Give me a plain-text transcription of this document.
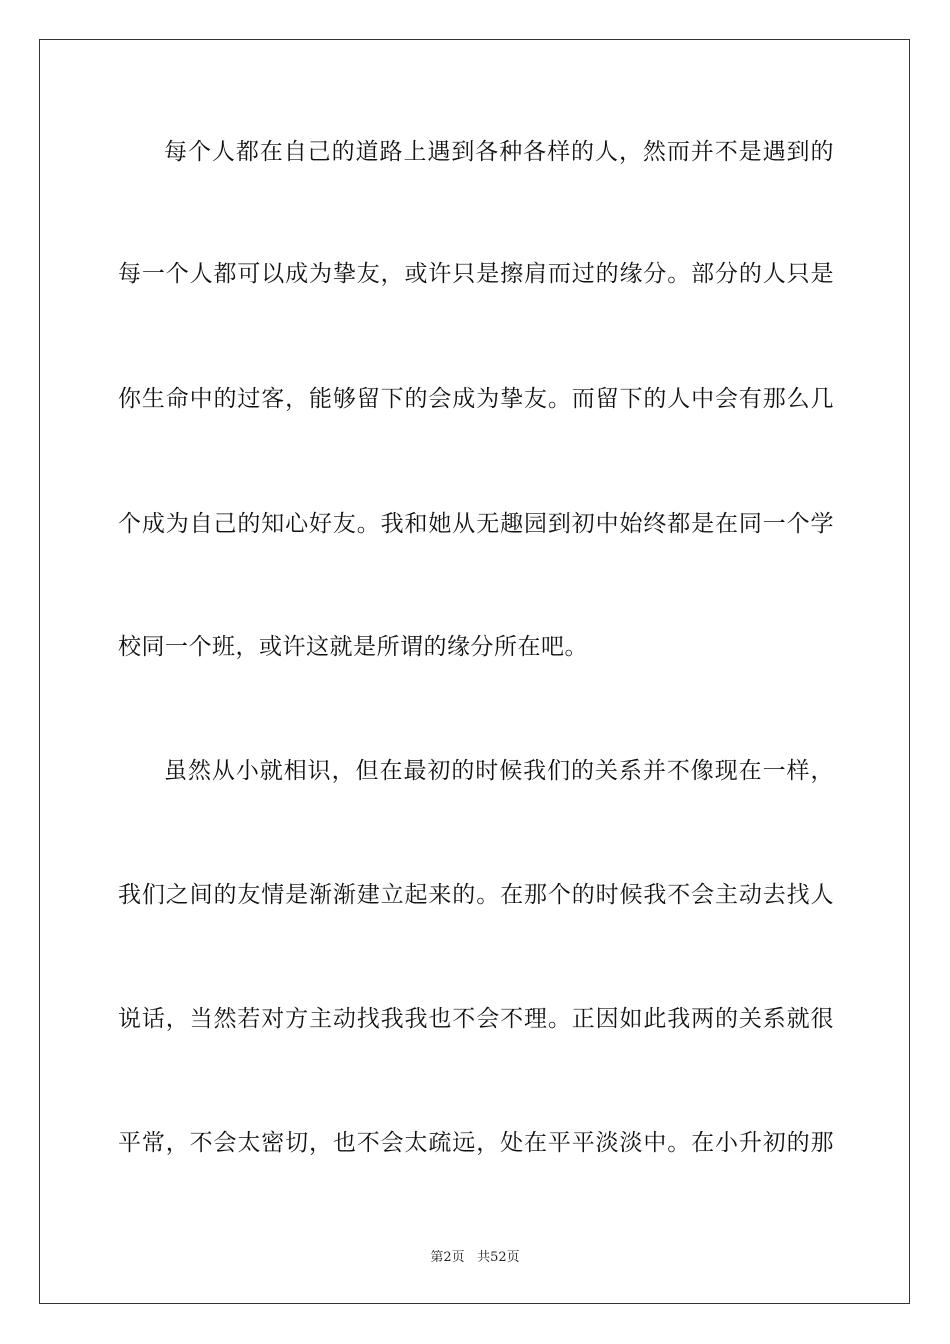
每个人都在自己的道路上遇到各种各样的人，然而并不是遇到的
每一个人都可以成为挚友，或许只是擦肩而过的缘分。部分的人只是
你生命中的过客，能够留下的会成为挚友。而留下的人中会有那么几
个成为自己的知心好友。我和她从无趣园到初中始终都是在同一个学
校同一个班，或许这就是所谓的缘分所在吧。
虽然从小就相识，但在最初的时候我们的关系并不像现在一样，
我们之间的友情是渐渐建立起来的。在那个的时候我不会主动去找人
说话，当然若对方主动找我我也不会不理。正因如此我两的关系就很
平常，不会太密切，也不会太疏远，处在平平淡淡中。在小升初的那
第2页 共52页
